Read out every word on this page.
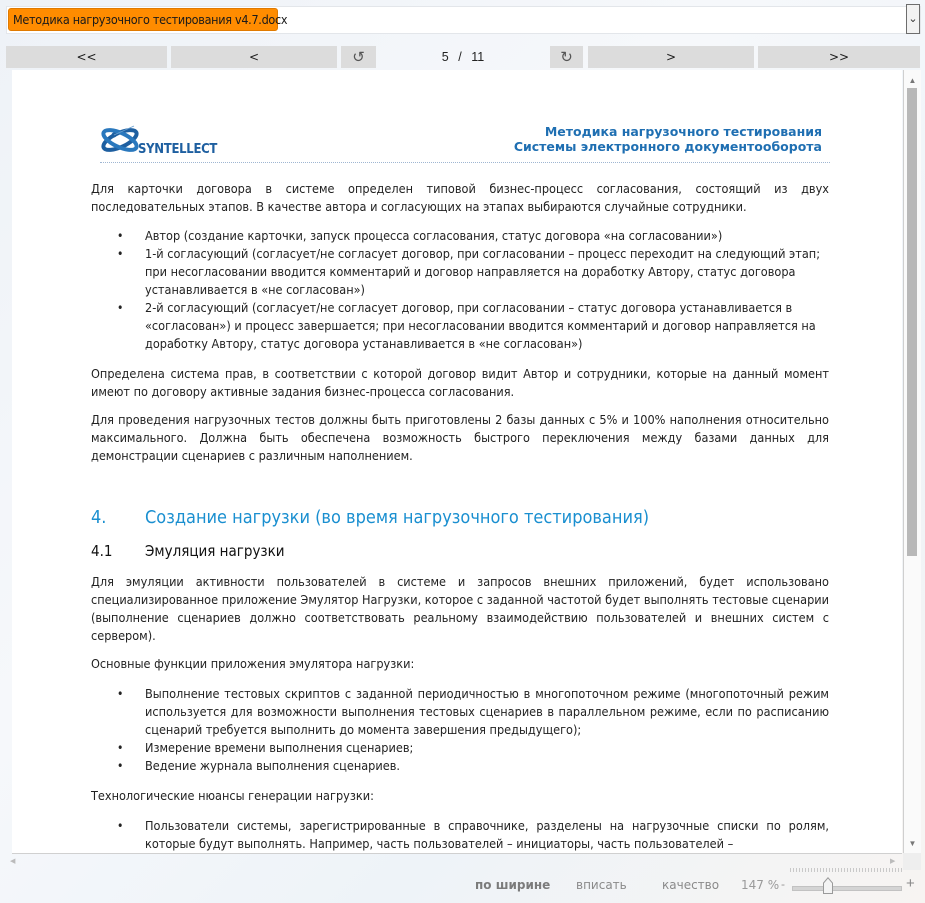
Методика нагрузочного тестирования v4.7.docx	⌄
<<	<	↺	5 / 11	↻	>	>>
SYNTELLECT
Методика нагрузочного тестирования
Системы электронного документооборота
Для карточки договора в системе определен типовой бизнес-процесс согласования, состоящий из двух последовательных этапов. В качестве автора и согласующих на этапах выбираются случайные сотрудники.
• Автор (создание карточки, запуск процесса согласования, статус договора «на согласовании»)
• 1-й согласующий (согласует/не согласует договор, при согласовании – процесс переходит на следующий этап; при несогласовании вводится комментарий и договор направляется на доработку Автору, статус договора устанавливается в «не согласован»)
• 2-й согласующий (согласует/не согласует договор, при согласовании – статус договора устанавливается в «согласован») и процесс завершается; при несогласовании вводится комментарий и договор направляется на доработку Автору, статус договора устанавливается в «не согласован»)
Определена система прав, в соответствии с которой договор видит Автор и сотрудники, которые на данный момент имеют по договору активные задания бизнес-процесса согласования.
Для проведения нагрузочных тестов должны быть приготовлены 2 базы данных с 5% и 100% наполнения относительно максимального. Должна быть обеспечена возможность быстрого переключения между базами данных для демонстрации сценариев с различным наполнением.
4. Создание нагрузки (во время нагрузочного тестирования)
4.1 Эмуляция нагрузки
Для эмуляции активности пользователей в системе и запросов внешних приложений, будет использовано специализированное приложение Эмулятор Нагрузки, которое с заданной частотой будет выполнять тестовые сценарии (выполнение сценариев должно соответствовать реальному взаимодействию пользователей и внешних систем с сервером).
Основные функции приложения эмулятора нагрузки:
• Выполнение тестовых скриптов с заданной периодичностью в многопоточном режиме (многопоточный режим используется для возможности выполнения тестовых сценариев в параллельном режиме, если по расписанию сценарий требуется выполнить до момента завершения предыдущего);
• Измерение времени выполнения сценариев;
• Ведение журнала выполнения сценариев.
Технологические нюансы генерации нагрузки:
• Пользователи системы, зарегистрированные в справочнике, разделены на нагрузочные списки по ролям, которые будут выполнять. Например, часть пользователей – инициаторы, часть пользователей –
▲
▼
◀	▶
по ширине вписать	качество 147 % -	+
